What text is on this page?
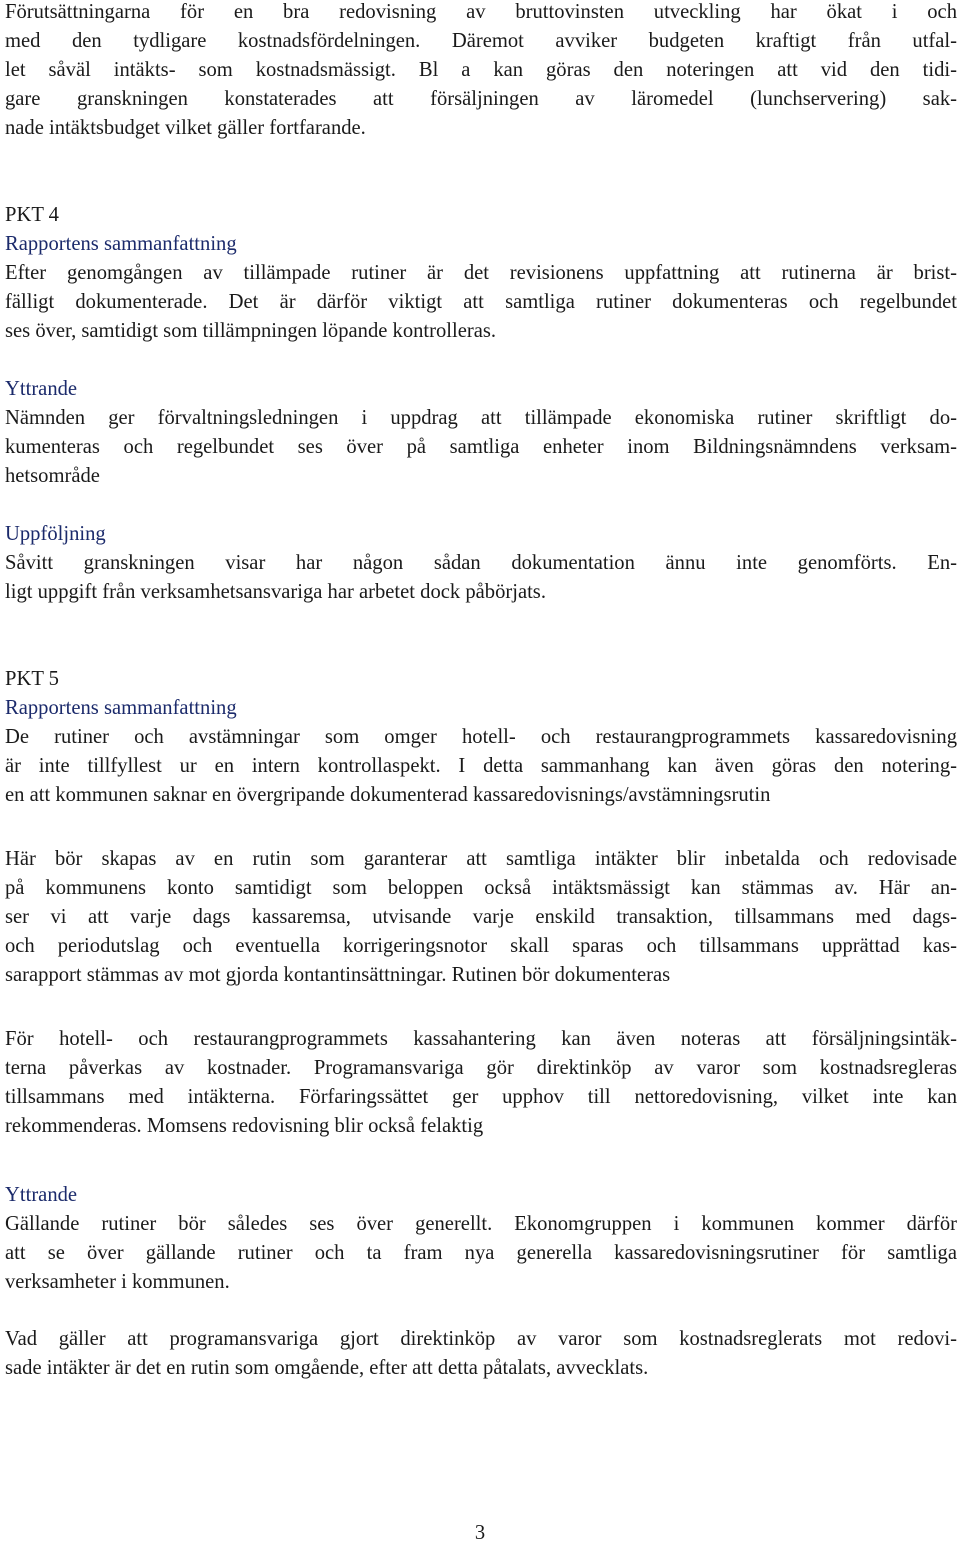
Förutsättningarna för en bra redovisning av bruttovinsten utveckling har ökat i och
med den tydligare kostnadsfördelningen. Däremot avviker budgeten kraftigt från utfal-
let såväl intäkts- som kostnadsmässigt. Bl a kan göras den noteringen att vid den tidi-
gare granskningen konstaterades att försäljningen av läromedel (lunchservering) sak-
nade intäktsbudget vilket gäller fortfarande.
PKT 4
Rapportens sammanfattning
Efter genomgången av tillämpade rutiner är det revisionens uppfattning att rutinerna är brist-
fälligt dokumenterade. Det är därför viktigt att samtliga rutiner dokumenteras och regelbundet
ses över, samtidigt som tillämpningen löpande kontrolleras.
Yttrande
Nämnden ger förvaltningsledningen i uppdrag att tillämpade ekonomiska rutiner skriftligt do-
kumenteras och regelbundet ses över på samtliga enheter inom Bildningsnämndens verksam-
hetsområde
Uppföljning
Såvitt granskningen visar har någon sådan dokumentation ännu inte genomförts. En-
ligt uppgift från verksamhetsansvariga har arbetet dock påbörjats.
PKT 5
Rapportens sammanfattning
De rutiner och avstämningar som omger hotell- och restaurangprogrammets kassaredovisning
är inte tillfyllest ur en intern kontrollaspekt. I detta sammanhang kan även göras den notering-
en att kommunen saknar en övergripande dokumenterad kassaredovisnings/avstämningsrutin
Här bör skapas av en rutin som garanterar att samtliga intäkter blir inbetalda och redovisade
på kommunens konto samtidigt som beloppen också intäktsmässigt kan stämmas av. Här an-
ser vi att varje dags kassaremsa, utvisande varje enskild transaktion, tillsammans med dags-
och periodutslag och eventuella korrigeringsnotor skall sparas och tillsammans upprättad kas-
sarapport stämmas av mot gjorda kontantinsättningar. Rutinen bör dokumenteras
För hotell- och restaurangprogrammets kassahantering kan även noteras att försäljningsintäk-
terna påverkas av kostnader. Programansvariga gör direktinköp av varor som kostnadsregleras
tillsammans med intäkterna. Förfaringssättet ger upphov till nettoredovisning, vilket inte kan
rekommenderas. Momsens redovisning blir också felaktig
Yttrande
Gällande rutiner bör således ses över generellt. Ekonomgruppen i kommunen kommer därför
att se över gällande rutiner och ta fram nya generella kassaredovisningsrutiner för samtliga
verksamheter i kommunen.
Vad gäller att programansvariga gjort direktinköp av varor som kostnadsreglerats mot redovi-
sade intäkter är det en rutin som omgående, efter att detta påtalats, avvecklats.
3
